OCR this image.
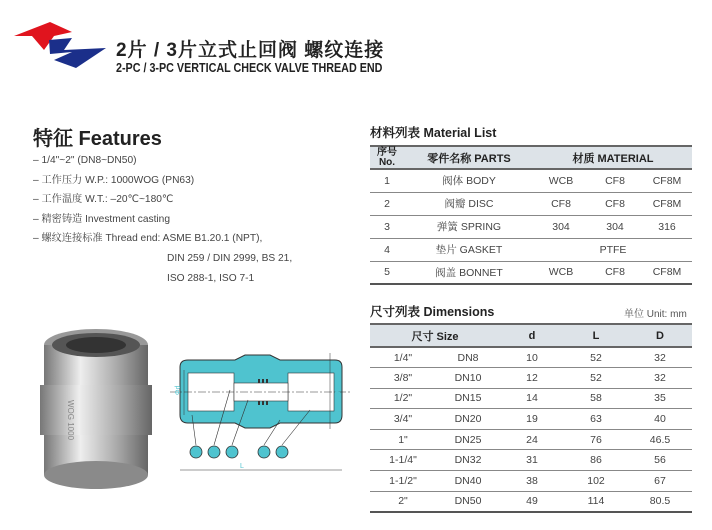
2片 / 3片立式止回阀 螺纹连接
2-PC / 3-PC VERTICAL CHECK VALVE THREAD END
特征 Features
– 1/4"~2" (DN8~DN50)
– 工作压力 W.P.: 1000WOG (PN63)
– 工作温度 W.T.: –20℃~180℃
– 精密铸造 Investment casting
– 螺纹连接标准 Thread end: ASME B1.20.1 (NPT),
DIN 259 / DIN 2999, BS 21,
ISO 288-1, ISO 7-1
WOG 1000
Φd	ΦD
L
材料列表 Material List
序号
No.	零件名称 PARTS	材质 MATERIAL		
1	阀体 BODY	WCB	CF8	CF8M
2	阀瓣 DISC	CF8	CF8	CF8M
3	弹簧 SPRING	304	304	316
4	垫片 GASKET	PTFE		
5	阀盖 BONNET	WCB	CF8	CF8M
尺寸列表 Dimensions	单位 Unit: mm
尺寸 Size		d	L	D
1/4"	DN8	10	52	32
3/8"	DN10	12	52	32
1/2"	DN15	14	58	35
3/4"	DN20	19	63	40
1"	DN25	24	76	46.5
1-1/4"	DN32	31	86	56
1-1/2"	DN40	38	102	67
2"	DN50	49	114	80.5
